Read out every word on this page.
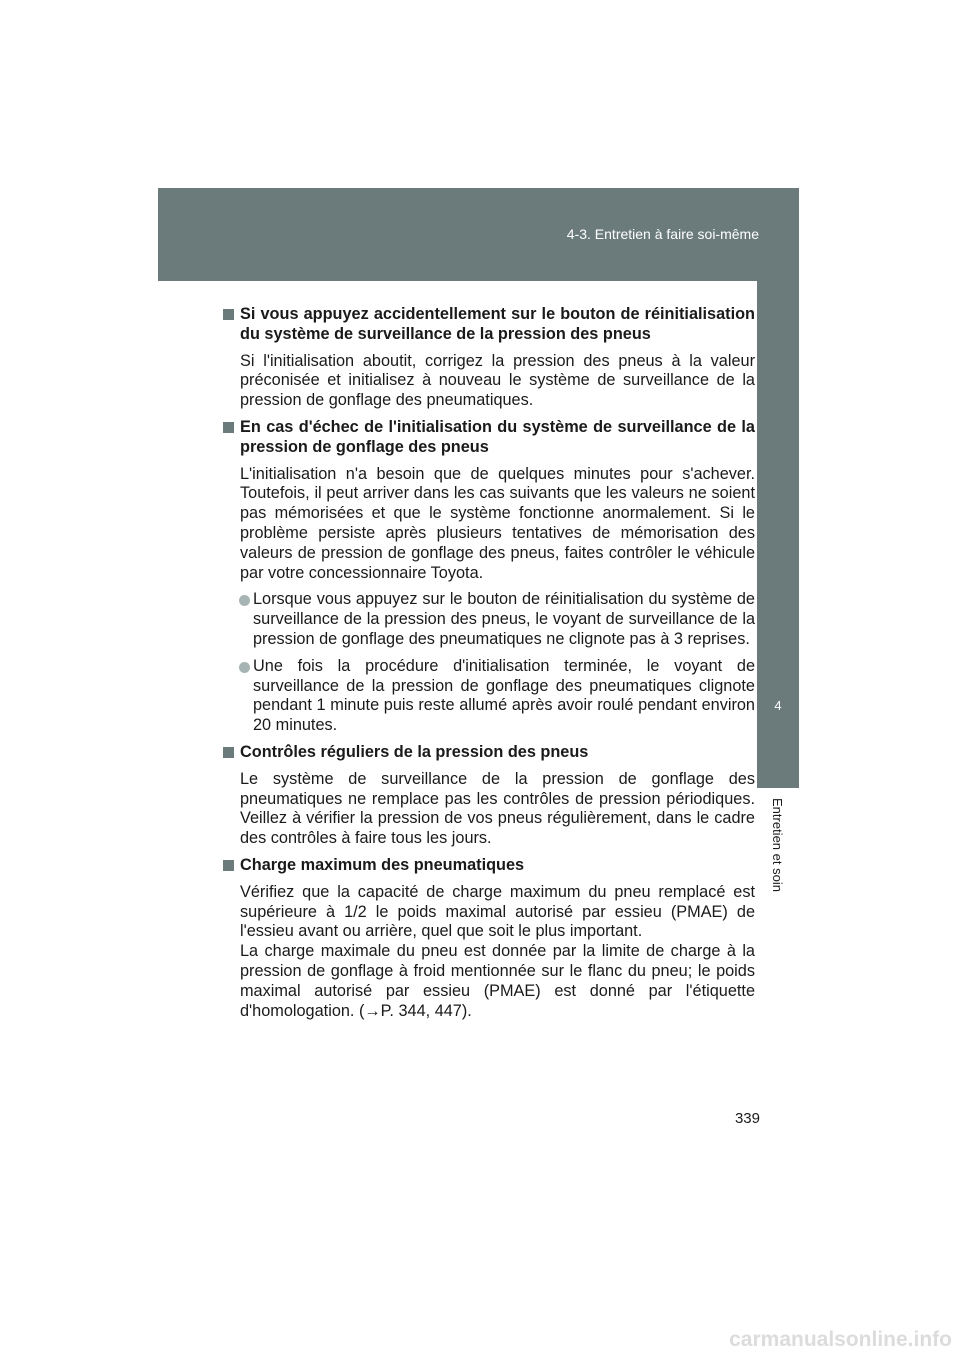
4-3. Entretien à faire soi-même
4
Entretien et soin
Si vous appuyez accidentellement sur le bouton de réinitialisation du système de surveillance de la pression des pneus
Si l'initialisation aboutit, corrigez la pression des pneus à la valeur préconisée et initialisez à nouveau le système de surveillance de la pression de gonflage des pneumatiques.
En cas d'échec de l'initialisation du système de surveillance de la pression de gonflage des pneus
L'initialisation n'a besoin que de quelques minutes pour s'achever. Toutefois, il peut arriver dans les cas suivants que les valeurs ne soient pas mémorisées et que le système fonctionne anormalement. Si le problème persiste après plusieurs tentatives de mémorisation des valeurs de pression de gonflage des pneus, faites contrôler le véhicule par votre concessionnaire Toyota.
Lorsque vous appuyez sur le bouton de réinitialisation du système de surveillance de la pression des pneus, le voyant de surveillance de la pression de gonflage des pneumatiques ne clignote pas à 3 reprises.
Une fois la procédure d'initialisation terminée, le voyant de surveillance de la pression de gonflage des pneumatiques clignote pendant 1 minute puis reste allumé après avoir roulé pendant environ 20 minutes.
Contrôles réguliers de la pression des pneus
Le système de surveillance de la pression de gonflage des pneumatiques ne remplace pas les contrôles de pression périodiques. Veillez à vérifier la pression de vos pneus régulièrement, dans le cadre des contrôles à faire tous les jours.
Charge maximum des pneumatiques
Vérifiez que la capacité de charge maximum du pneu remplacé est supérieure à 1/2 le poids maximal autorisé par essieu (PMAE) de l'essieu avant ou arrière, quel que soit le plus important.
La charge maximale du pneu est donnée par la limite de charge à la pression de gonflage à froid mentionnée sur le flanc du pneu; le poids maximal autorisé par essieu (PMAE) est donné par l'étiquette d'homologation. (→P. 344, 447).
339
carmanualsonline.info
